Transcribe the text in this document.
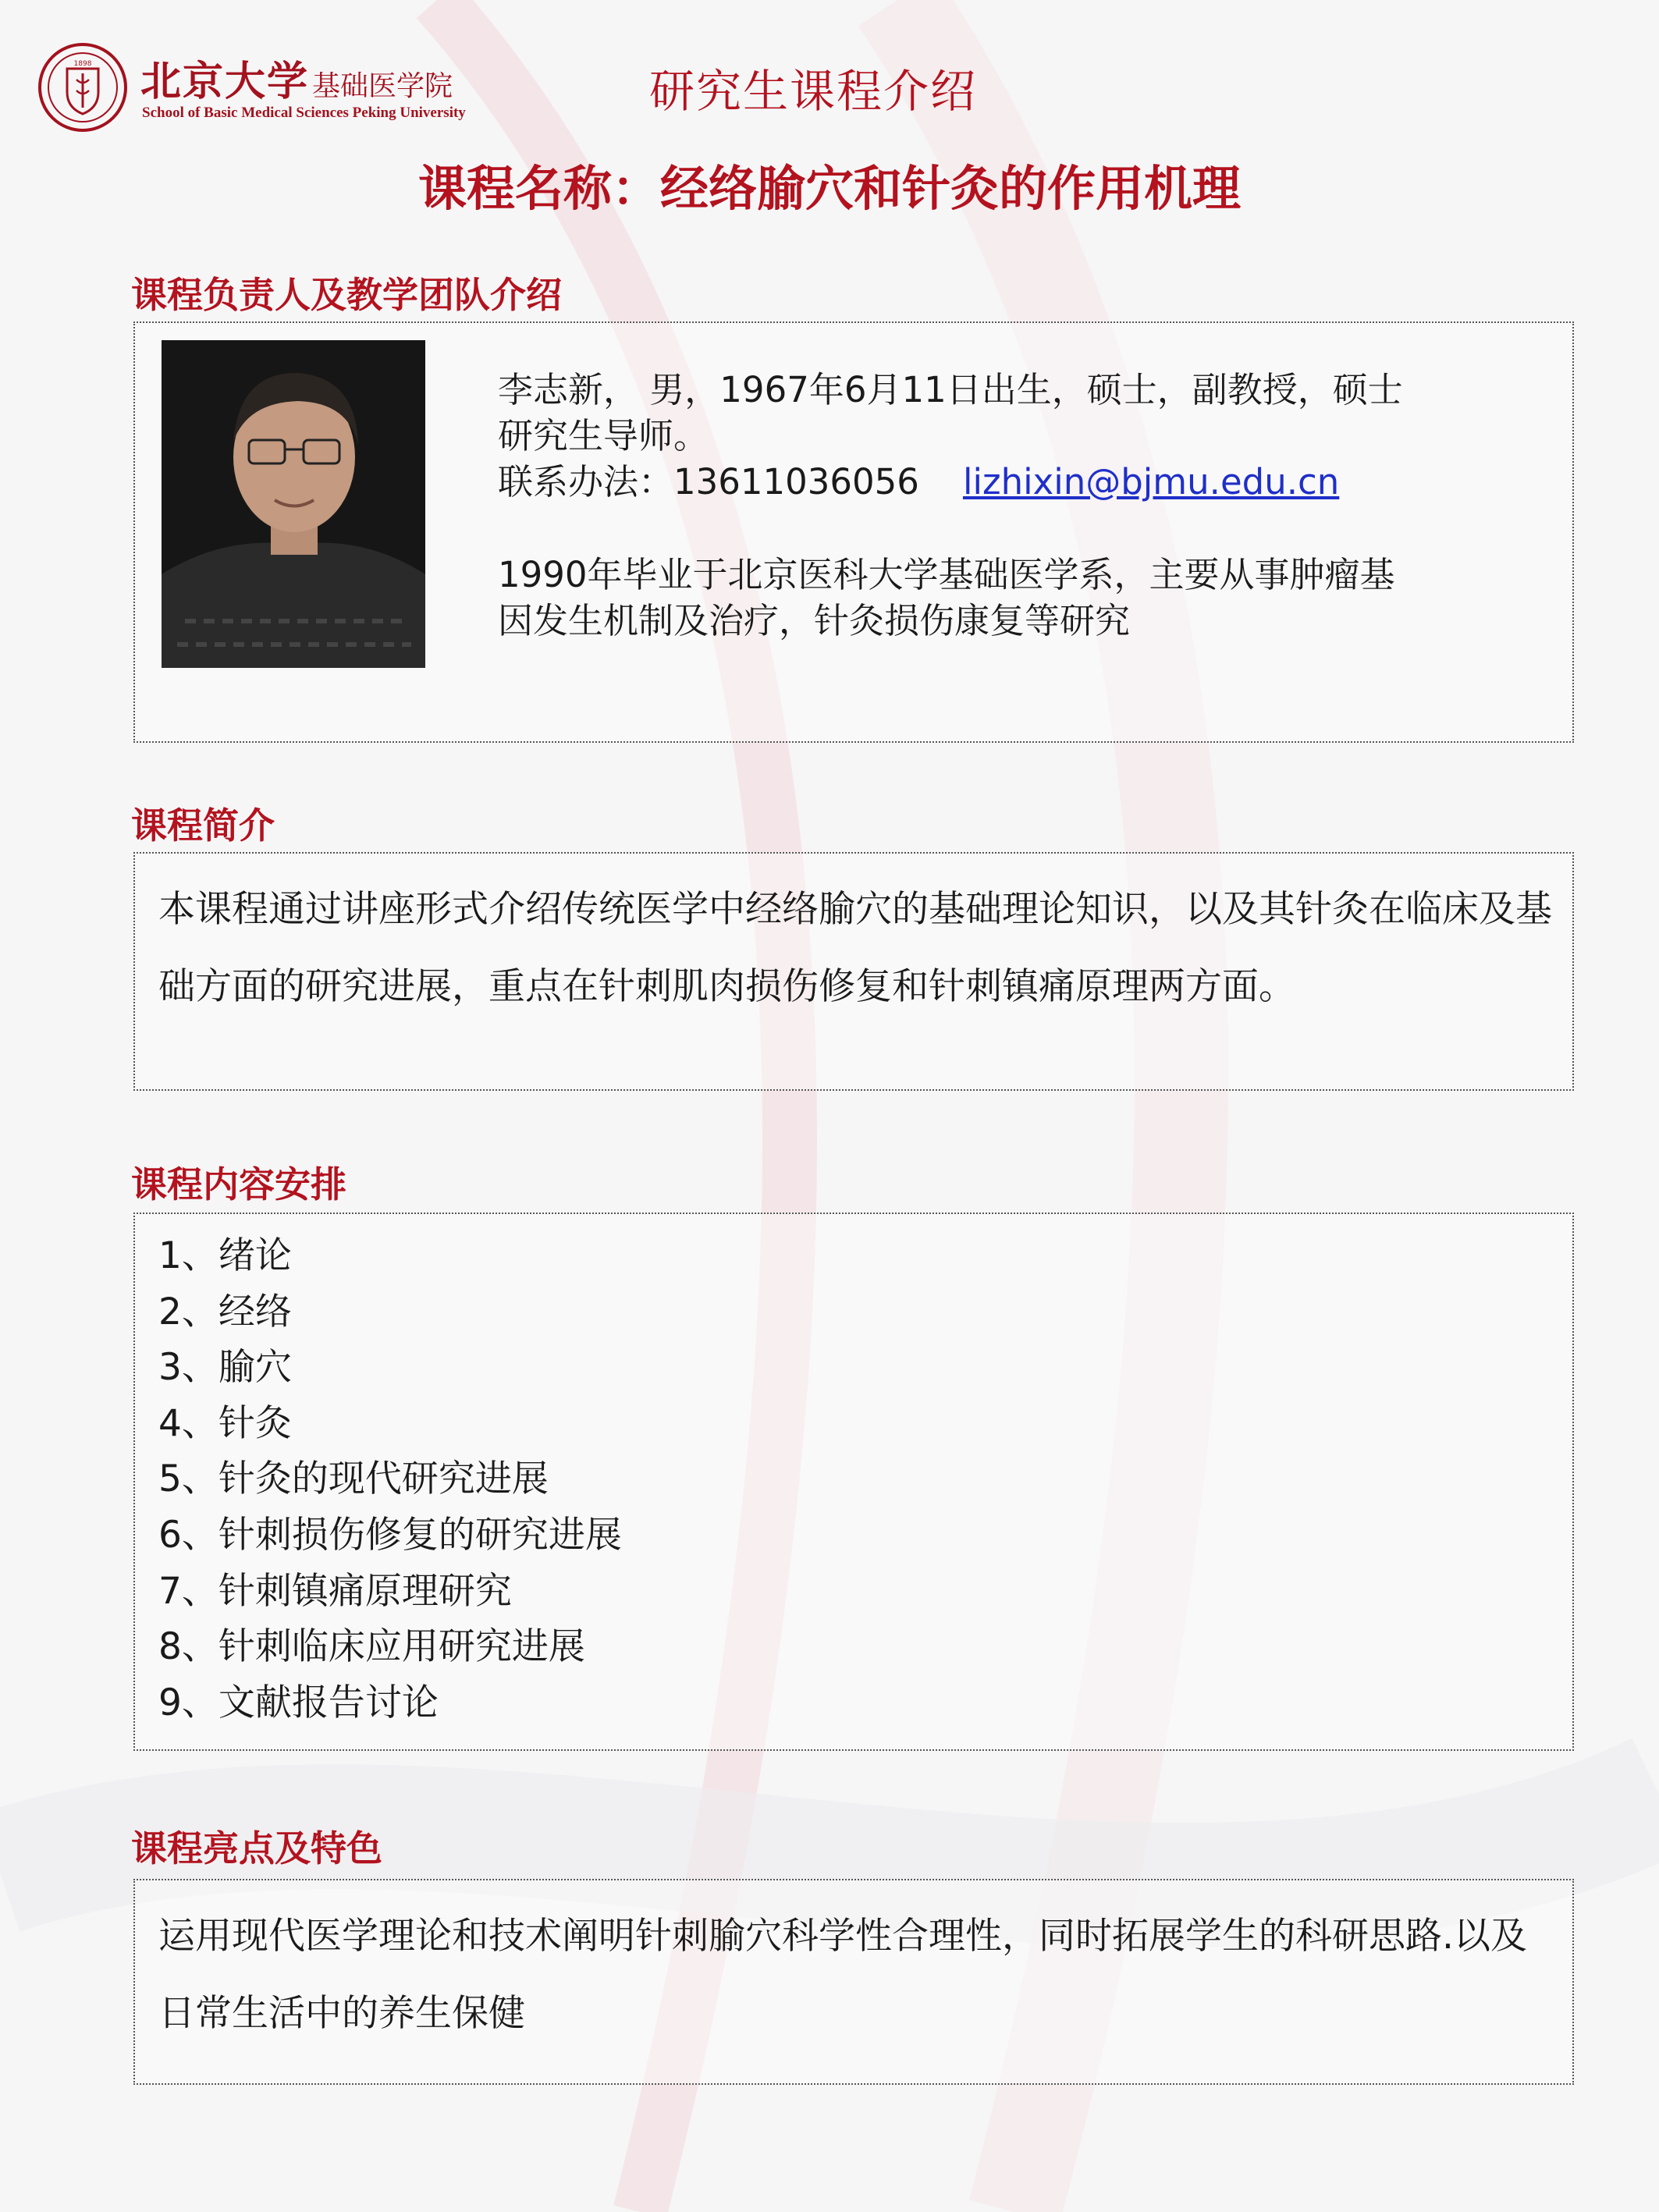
1898 北京大学 基础医学院
School of Basic Medical Sciences Peking University	研究生课程介绍
课程名称：经络腧穴和针灸的作用机理
课程负责人及教学团队介绍

李志新， 男，1967年6月11日出生，硕士，副教授，硕士

研究生导师。

联系办法：13611036056 lizhixin@bjmu.edu.cn

1990年毕业于北京医科大学基础医学系，主要从事肿瘤基

因发生机制及治疗，针灸损伤康复等研究

课程简介
本课程通过讲座形式介绍传统医学中经络腧穴的基础理论知识，以及其针灸在临床及基础方面的研究进展，重点在针刺肌肉损伤修复和针刺镇痛原理两方面。
课程内容安排
1、绪论
2、经络
3、腧穴
4、针灸
5、针灸的现代研究进展
6、针刺损伤修复的研究进展
7、针刺镇痛原理研究
8、针刺临床应用研究进展
9、文献报告讨论
课程亮点及特色
运用现代医学理论和技术阐明针刺腧穴科学性合理性，同时拓展学生的科研思路.以及日常生活中的养生保健
